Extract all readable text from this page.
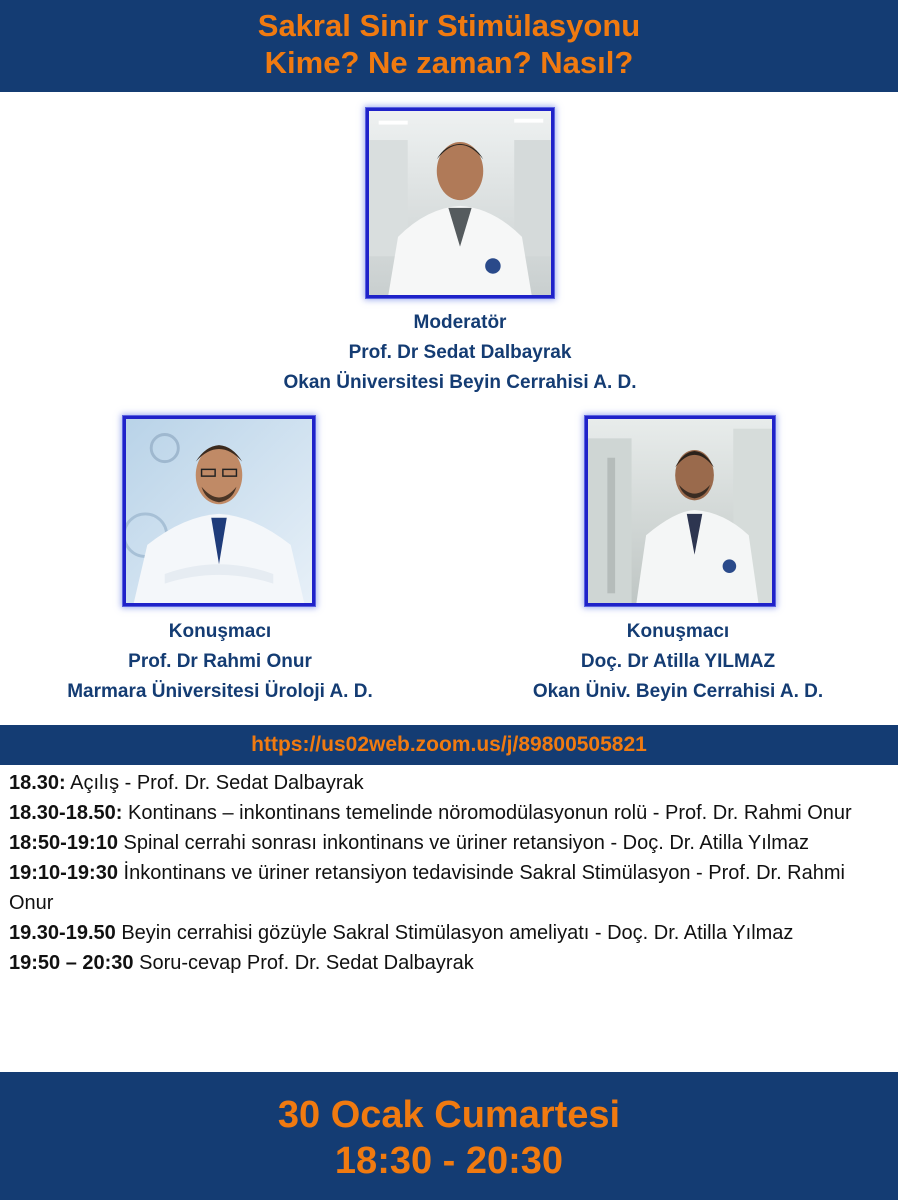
Sakral Sinir Stimülasyonu
Kime? Ne zaman? Nasıl?
Moderatör
Prof. Dr Sedat Dalbayrak
Okan Üniversitesi Beyin Cerrahisi A. D.
Konuşmacı
Prof. Dr Rahmi Onur
Marmara Üniversitesi Üroloji A. D.
Konuşmacı
Doç. Dr Atilla YILMAZ
Okan Üniv. Beyin Cerrahisi A. D.
https://us02web.zoom.us/j/89800505821
18.30: Açılış - Prof. Dr. Sedat Dalbayrak
18.30-18.50: Kontinans – inkontinans temelinde nöromodülasyonun rolü - Prof. Dr. Rahmi Onur
18:50-19:10 Spinal cerrahi sonrası inkontinans ve üriner retansiyon - Doç. Dr. Atilla Yılmaz
19:10-19:30 İnkontinans ve üriner retansiyon tedavisinde Sakral Stimülasyon - Prof. Dr. Rahmi Onur
19.30-19.50 Beyin cerrahisi gözüyle Sakral Stimülasyon ameliyatı - Doç. Dr. Atilla Yılmaz
19:50 – 20:30 Soru-cevap Prof. Dr. Sedat Dalbayrak
30 Ocak Cumartesi
18:30 - 20:30
